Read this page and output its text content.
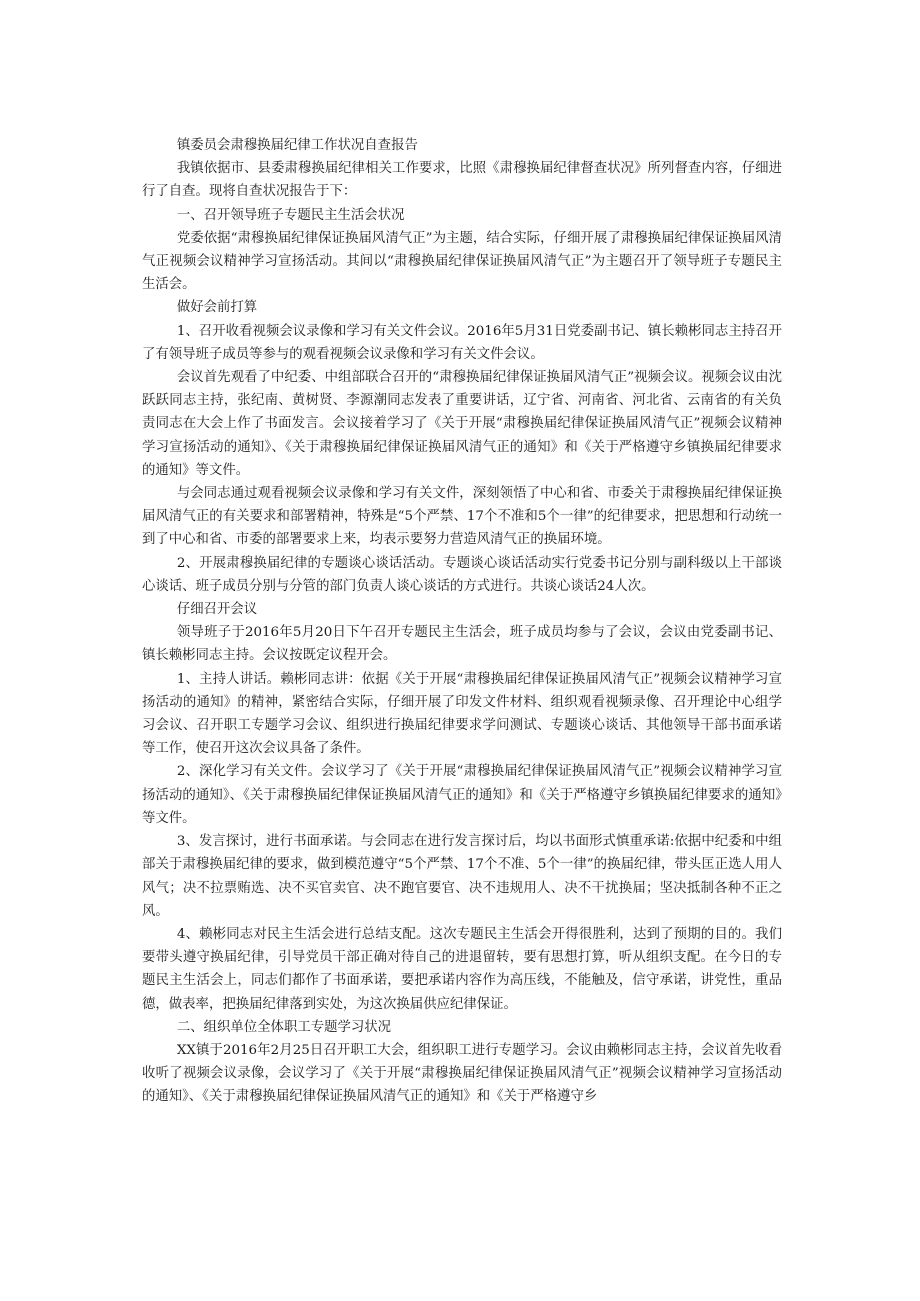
镇委员会肃穆换届纪律工作状况自查报告

我镇依据市、县委肃穆换届纪律相关工作要求，比照《肃穆换届纪律督查状况》所列督查内容，仔细进行了自查。现将自查状况报告于下：

一、召开领导班子专题民主生活会状况

党委依据“肃穆换届纪律保证换届风清气正”为主题，结合实际，仔细开展了肃穆换届纪律保证换届风清气正视频会议精神学习宣扬活动。其间以“肃穆换届纪律保证换届风清气正”为主题召开了领导班子专题民主生活会。

做好会前打算

1、召开收看视频会议录像和学习有关文件会议。2016年5月31日党委副书记、镇长赖彬同志主持召开了有领导班子成员等参与的观看视频会议录像和学习有关文件会议。

会议首先观看了中纪委、中组部联合召开的“肃穆换届纪律保证换届风清气正”视频会议。视频会议由沈跃跃同志主持，张纪南、黄树贤、李源潮同志发表了重要讲话，辽宁省、河南省、河北省、云南省的有关负责同志在大会上作了书面发言。会议接着学习了《关于开展“肃穆换届纪律保证换届风清气正”视频会议精神学习宣扬活动的通知》、《关于肃穆换届纪律保证换届风清气正的通知》和《关于严格遵守乡镇换届纪律要求的通知》等文件。

与会同志通过观看视频会议录像和学习有关文件，深刻领悟了中心和省、市委关于肃穆换届纪律保证换届风清气正的有关要求和部署精神，特殊是“5个严禁、17个不准和5个一律”的纪律要求，把思想和行动统一到了中心和省、市委的部署要求上来，均表示要努力营造风清气正的换届环境。

2、开展肃穆换届纪律的专题谈心谈话活动。专题谈心谈话活动实行党委书记分别与副科级以上干部谈心谈话、班子成员分别与分管的部门负责人谈心谈话的方式进行。共谈心谈话24人次。

仔细召开会议

领导班子于2016年5月20日下午召开专题民主生活会，班子成员均参与了会议，会议由党委副书记、镇长赖彬同志主持。会议按既定议程开会。

1、主持人讲话。赖彬同志讲：依据《关于开展“肃穆换届纪律保证换届风清气正”视频会议精神学习宣扬活动的通知》的精神，紧密结合实际，仔细开展了印发文件材料、组织观看视频录像、召开理论中心组学习会议、召开职工专题学习会议、组织进行换届纪律要求学问测试、专题谈心谈话、其他领导干部书面承诺等工作，使召开这次会议具备了条件。

2、深化学习有关文件。会议学习了《关于开展“肃穆换届纪律保证换届风清气正”视频会议精神学习宣扬活动的通知》、《关于肃穆换届纪律保证换届风清气正的通知》和《关于严格遵守乡镇换届纪律要求的通知》等文件。

3、发言探讨，进行书面承诺。与会同志在进行发言探讨后，均以书面形式慎重承诺:依据中纪委和中组部关于肃穆换届纪律的要求，做到模范遵守“5个严禁、17个不准、5个一律”的换届纪律，带头匡正选人用人风气；决不拉票贿选、决不买官卖官、决不跑官要官、决不违规用人、决不干扰换届；坚决抵制各种不正之风。

4、赖彬同志对民主生活会进行总结支配。这次专题民主生活会开得很胜利，达到了预期的目的。我们要带头遵守换届纪律，引导党员干部正确对待自己的进退留转，要有思想打算，听从组织支配。在今日的专题民主生活会上，同志们都作了书面承诺，要把承诺内容作为高压线，不能触及，信守承诺，讲党性，重品德，做表率，把换届纪律落到实处，为这次换届供应纪律保证。

二、组织单位全体职工专题学习状况

XX镇于2016年2月25日召开职工大会，组织职工进行专题学习。会议由赖彬同志主持，会议首先收看收听了视频会议录像，会议学习了《关于开展“肃穆换届纪律保证换届风清气正”视频会议精神学习宣扬活动的通知》、《关于肃穆换届纪律保证换届风清气正的通知》和《关于严格遵守乡
